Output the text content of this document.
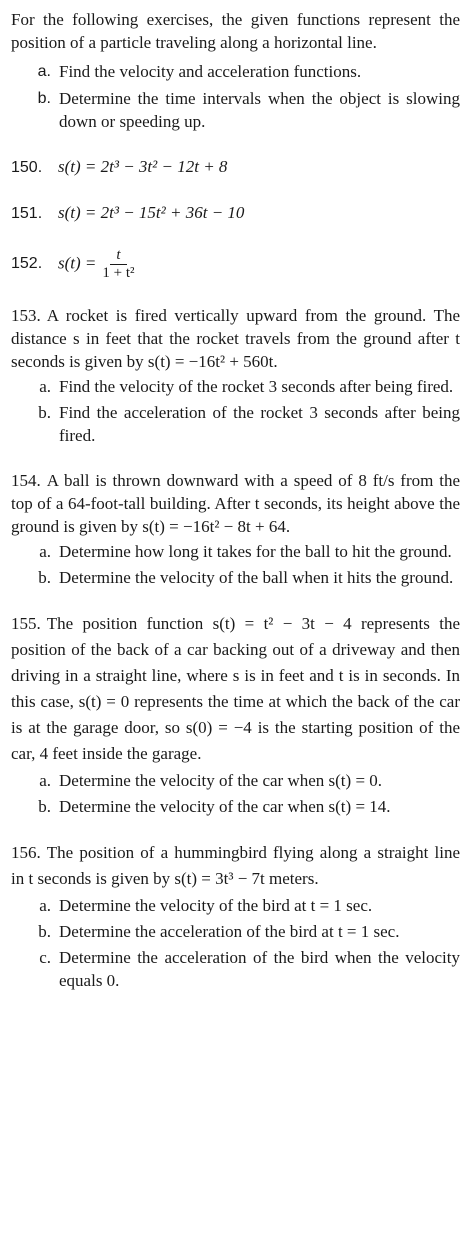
For the following exercises, the given functions represent the position of a particle traveling along a horizontal line.

a. Find the velocity and acceleration functions.
b. Determine the time intervals when the object is slowing down or speeding up.
150. s(t) = 2t³ − 3t² − 12t + 8
151. s(t) = 2t³ − 15t² + 36t − 10
152. $s(t) = \frac{t}{\text{1 + t²}}$
153. A rocket is fired vertically upward from the ground. The distance s in feet that the rocket travels from the ground after t seconds is given by s(t) = −16t² + 560t.
a. Find the velocity of the rocket 3 seconds after being fired.
b. Find the acceleration of the rocket 3 seconds after being fired.
154. A ball is thrown downward with a speed of 8 ft/s from the top of a 64-foot-tall building. After t seconds, its height above the ground is given by s(t) = −16t² − 8t + 64.
a. Determine how long it takes for the ball to hit the ground.
b. Determine the velocity of the ball when it hits the ground.
155. The position function s(t) = t² − 3t − 4 represents the position of the back of a car backing out of a driveway and then driving in a straight line, where s is in feet and t is in seconds. In this case, s(t) = 0 represents the time at which the back of the car is at the garage door, so s(0) = −4 is the starting position of the car, 4 feet inside the garage.
a. Determine the velocity of the car when s(t) = 0.
b. Determine the velocity of the car when s(t) = 14.
156. The position of a hummingbird flying along a straight line in t seconds is given by s(t) = 3t³ − 7t meters.
a. Determine the velocity of the bird at t = 1 sec.
b. Determine the acceleration of the bird at t = 1 sec.
c. Determine the acceleration of the bird when the velocity equals 0.
